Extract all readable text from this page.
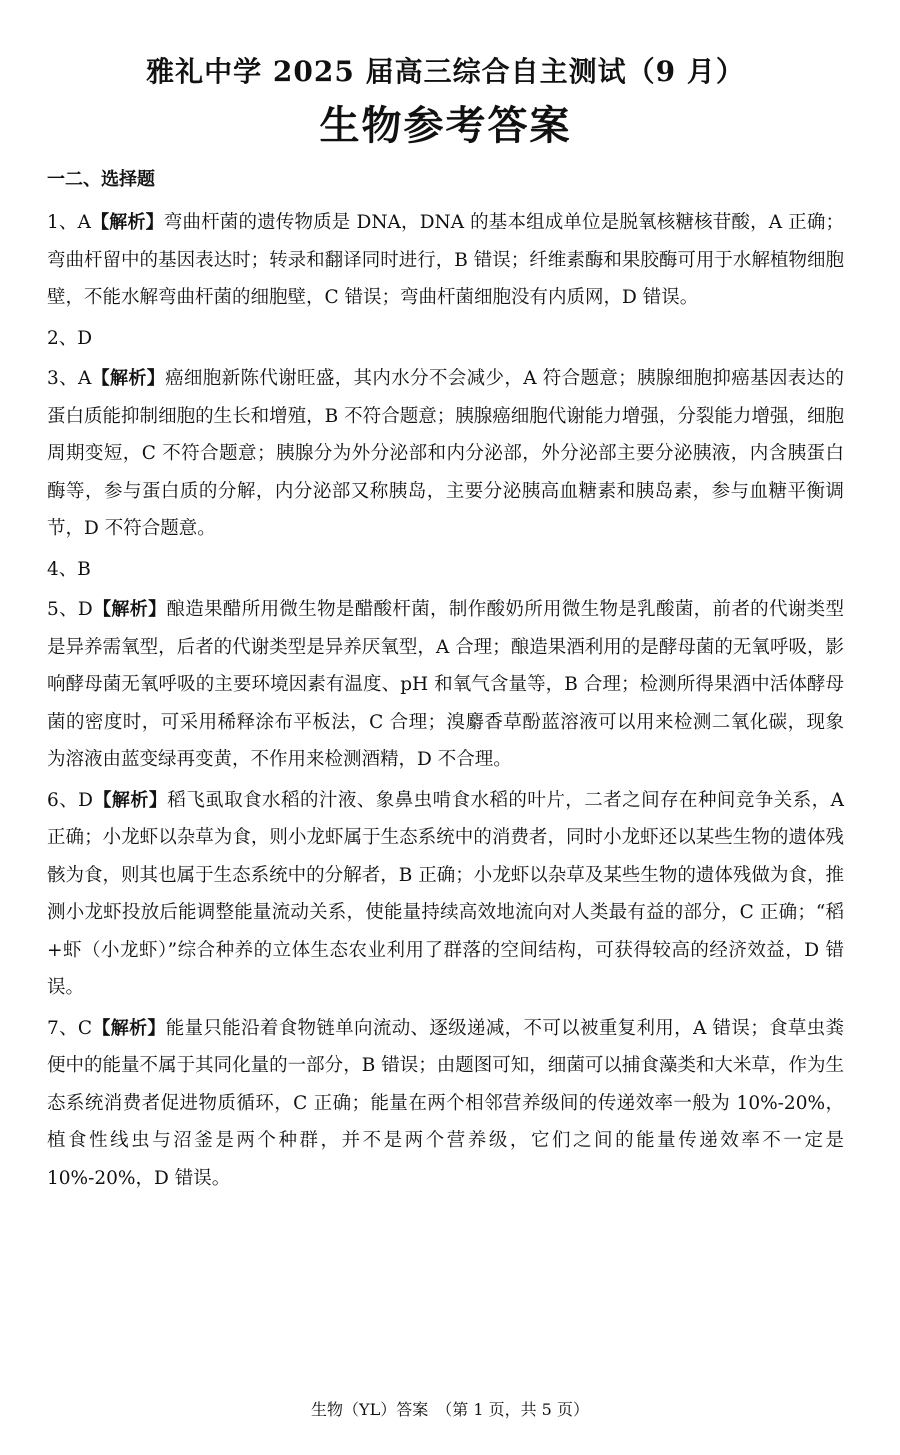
雅礼中学 2025 届高三综合自主测试（9 月）
生物参考答案
一二、选择题
1、A【解析】弯曲杆菌的遗传物质是 DNA，DNA 的基本组成单位是脱氧核糖核苷酸，A 正确；弯曲杆留中的基因表达时；转录和翻译同时进行，B 错误；纤维素酶和果胶酶可用于水解植物细胞壁，不能水解弯曲杆菌的细胞壁，C 错误；弯曲杆菌细胞没有内质网，D 错误。
2、D
3、A【解析】癌细胞新陈代谢旺盛，其内水分不会减少，A 符合题意；胰腺细胞抑癌基因表达的蛋白质能抑制细胞的生长和增殖，B 不符合题意；胰腺癌细胞代谢能力增强，分裂能力增强，细胞周期变短，C 不符合题意；胰腺分为外分泌部和内分泌部，外分泌部主要分泌胰液，内含胰蛋白酶等，参与蛋白质的分解，内分泌部又称胰岛，主要分泌胰高血糖素和胰岛素，参与血糖平衡调节，D 不符合题意。
4、B
5、D【解析】酿造果醋所用微生物是醋酸杆菌，制作酸奶所用微生物是乳酸菌，前者的代谢类型是异养需氧型，后者的代谢类型是异养厌氧型，A 合理；酿造果酒利用的是酵母菌的无氧呼吸，影响酵母菌无氧呼吸的主要环境因素有温度、pH 和氧气含量等，B 合理；检测所得果酒中活体酵母菌的密度时，可采用稀释涂布平板法，C 合理；溴麝香草酚蓝溶液可以用来检测二氧化碳，现象为溶液由蓝变绿再变黄，不作用来检测酒精，D 不合理。
6、D【解析】稻飞虱取食水稻的汁液、象鼻虫啃食水稻的叶片，二者之间存在种间竞争关系，A 正确；小龙虾以杂草为食，则小龙虾属于生态系统中的消费者，同时小龙虾还以某些生物的遗体残骸为食，则其也属于生态系统中的分解者，B 正确；小龙虾以杂草及某些生物的遗体残做为食，推测小龙虾投放后能调整能量流动关系，使能量持续高效地流向对人类最有益的部分，C 正确；“稻+虾（小龙虾）”综合种养的立体生态农业利用了群落的空间结构，可获得较高的经济效益，D 错误。
7、C【解析】能量只能沿着食物链单向流动、逐级递减，不可以被重复利用，A 错误；食草虫粪便中的能量不属于其同化量的一部分，B 错误；由题图可知，细菌可以捕食藻类和大米草，作为生态系统消费者促进物质循环，C 正确；能量在两个相邻营养级间的传递效率一般为 10%-20%，植食性线虫与沼釜是两个种群，并不是两个营养级，它们之间的能量传递效率不一定是 10%-20%，D 错误。
生物（YL）答案　（第 1 页，共 5 页）
